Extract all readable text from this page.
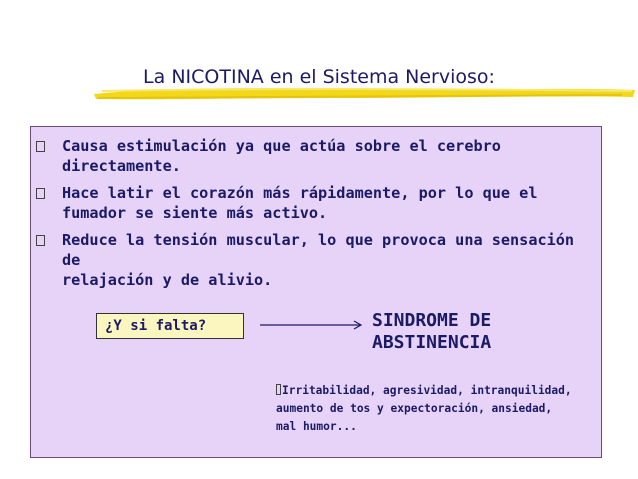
La NICOTINA en el Sistema Nervioso:
Causa estimulación ya que actúa sobre el cerebro
directamente.
Hace latir el corazón más rápidamente, por lo que el
fumador se siente más activo.
Reduce la tensión muscular, lo que provoca una sensación de
relajación y de alivio.
¿Y si falta?	SINDROME DE
ABSTINENCIA
Irritabilidad, agresividad, intranquilidad,
aumento de tos y expectoración, ansiedad,
mal humor...
